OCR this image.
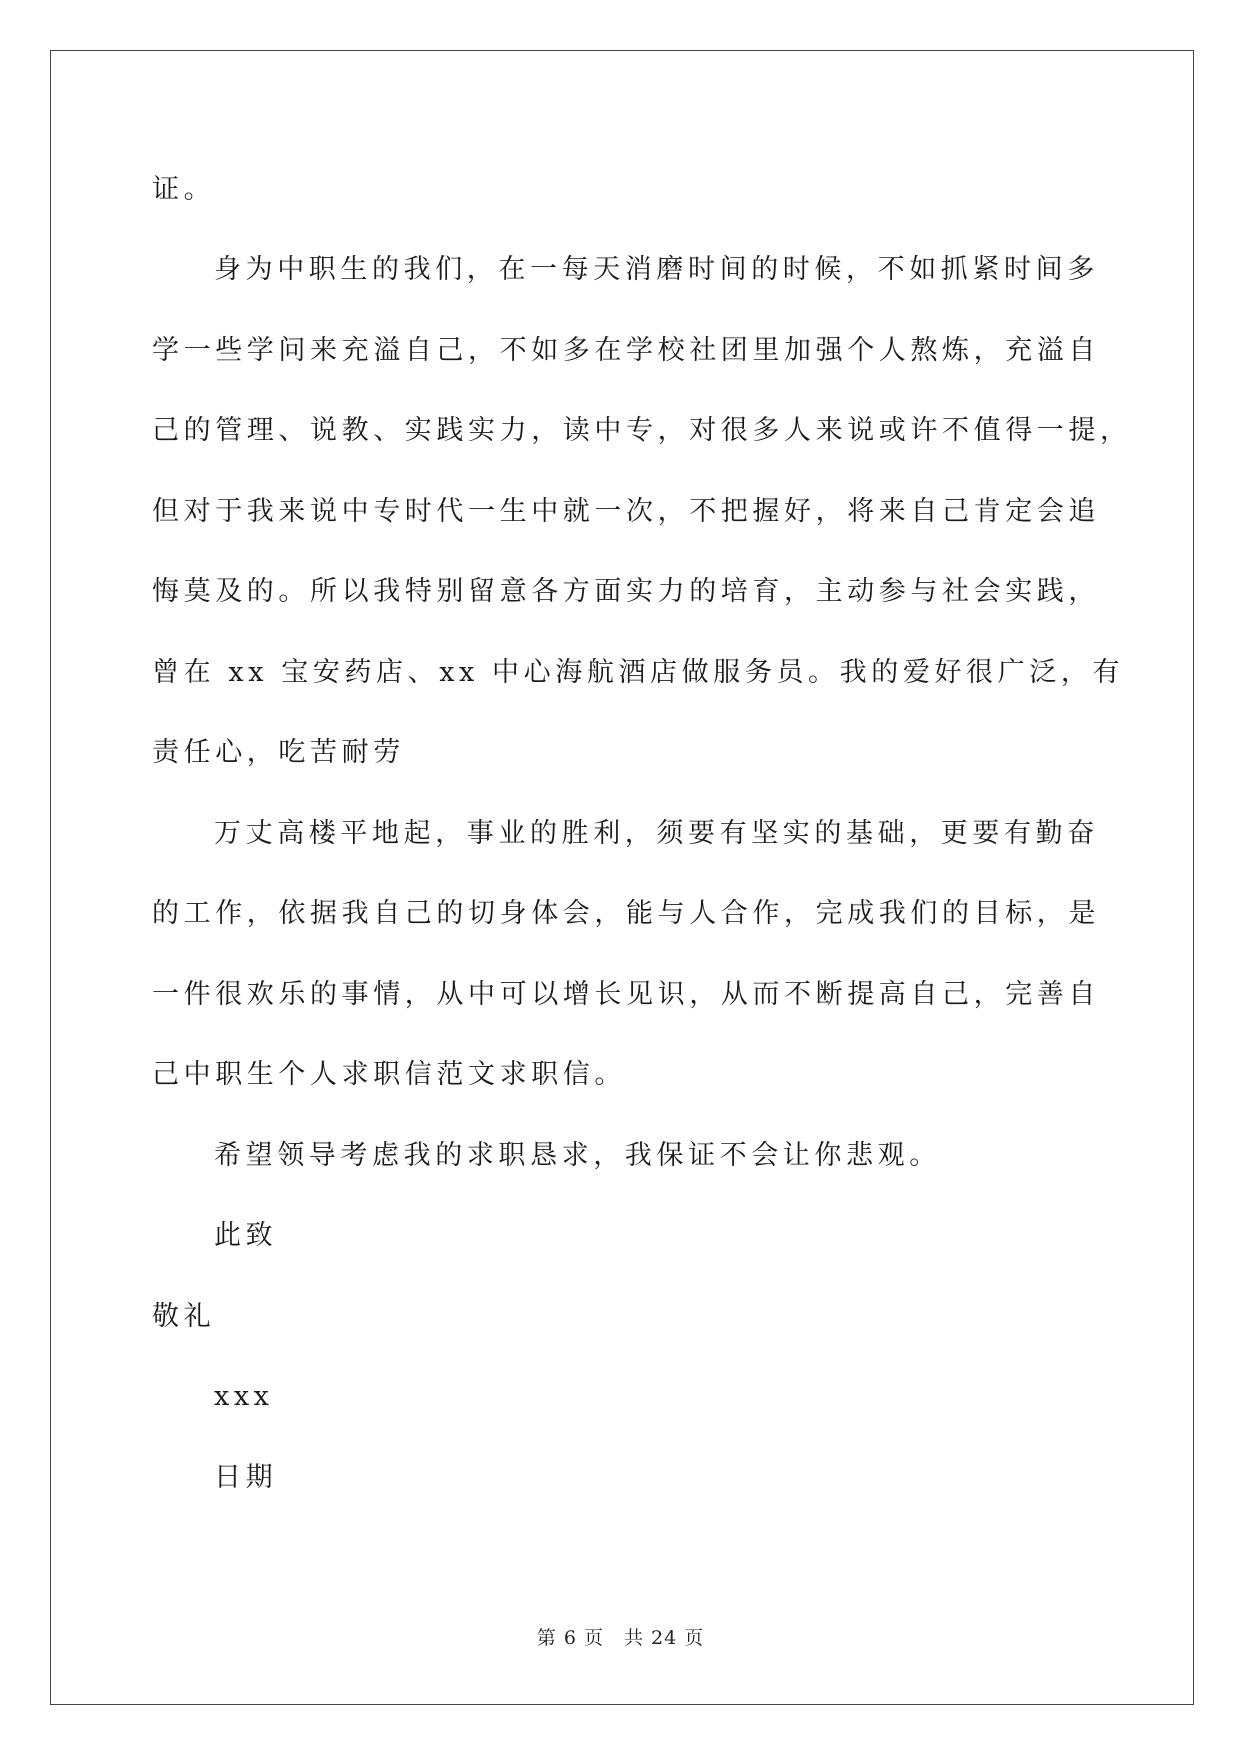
证。
身为中职生的我们，在一每天消磨时间的时候，不如抓紧时间多
学一些学问来充溢自己，不如多在学校社团里加强个人熬炼，充溢自
己的管理、说教、实践实力，读中专，对很多人来说或许不值得一提，
但对于我来说中专时代一生中就一次，不把握好，将来自己肯定会追
悔莫及的。所以我特别留意各方面实力的培育，主动参与社会实践，
曾在 xx 宝安药店、xx 中心海航酒店做服务员。我的爱好很广泛，有
责任心，吃苦耐劳
万丈高楼平地起，事业的胜利，须要有坚实的基础，更要有勤奋
的工作，依据我自己的切身体会，能与人合作，完成我们的目标，是
一件很欢乐的事情，从中可以增长见识，从而不断提高自己，完善自
己中职生个人求职信范文求职信。
希望领导考虑我的求职恳求，我保证不会让你悲观。
此致
敬礼
xxx
日期
第 6 页 共 24 页
